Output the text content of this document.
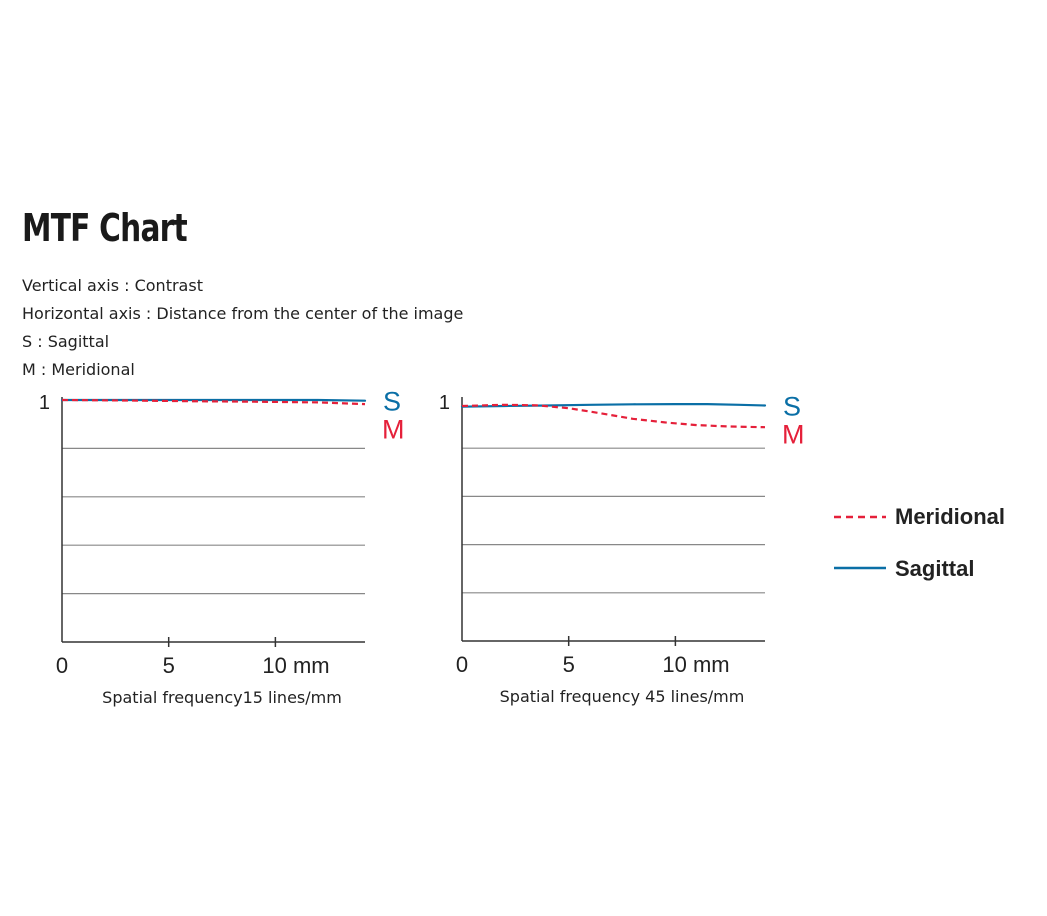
MTF Chart
Vertical axis : Contrast
Horizontal axis : Distance from the center of the image
S : Sagittal
M : Meridional
Meridional
Sagittal
0	5	10 mm
1	S
M
Spatial frequency15 lines/mm
0	5	10 mm
1	S
M
Spatial frequency 45 lines/mm
